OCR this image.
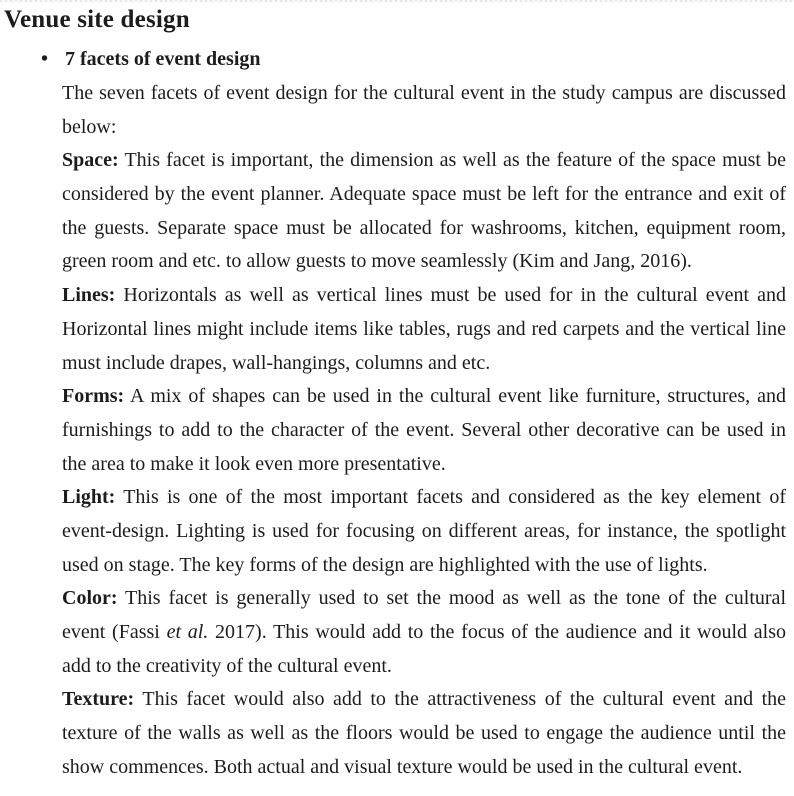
Venue site design
• 7 facets of event design
The seven facets of event design for the cultural event in the study campus are discussed
below:
Space: This facet is important, the dimension as well as the feature of the space must be
considered by the event planner. Adequate space must be left for the entrance and exit of
the guests. Separate space must be allocated for washrooms, kitchen, equipment room,
green room and etc. to allow guests to move seamlessly (Kim and Jang, 2016).
Lines: Horizontals as well as vertical lines must be used for in the cultural event and
Horizontal lines might include items like tables, rugs and red carpets and the vertical line
must include drapes, wall-hangings, columns and etc.
Forms: A mix of shapes can be used in the cultural event like furniture, structures, and
furnishings to add to the character of the event. Several other decorative can be used in
the area to make it look even more presentative.
Light: This is one of the most important facets and considered as the key element of
event-design. Lighting is used for focusing on different areas, for instance, the spotlight
used on stage. The key forms of the design are highlighted with the use of lights.
Color: This facet is generally used to set the mood as well as the tone of the cultural
event (Fassi et al. 2017). This would add to the focus of the audience and it would also
add to the creativity of the cultural event.
Texture: This facet would also add to the attractiveness of the cultural event and the
texture of the walls as well as the floors would be used to engage the audience until the
show commences. Both actual and visual texture would be used in the cultural event.
